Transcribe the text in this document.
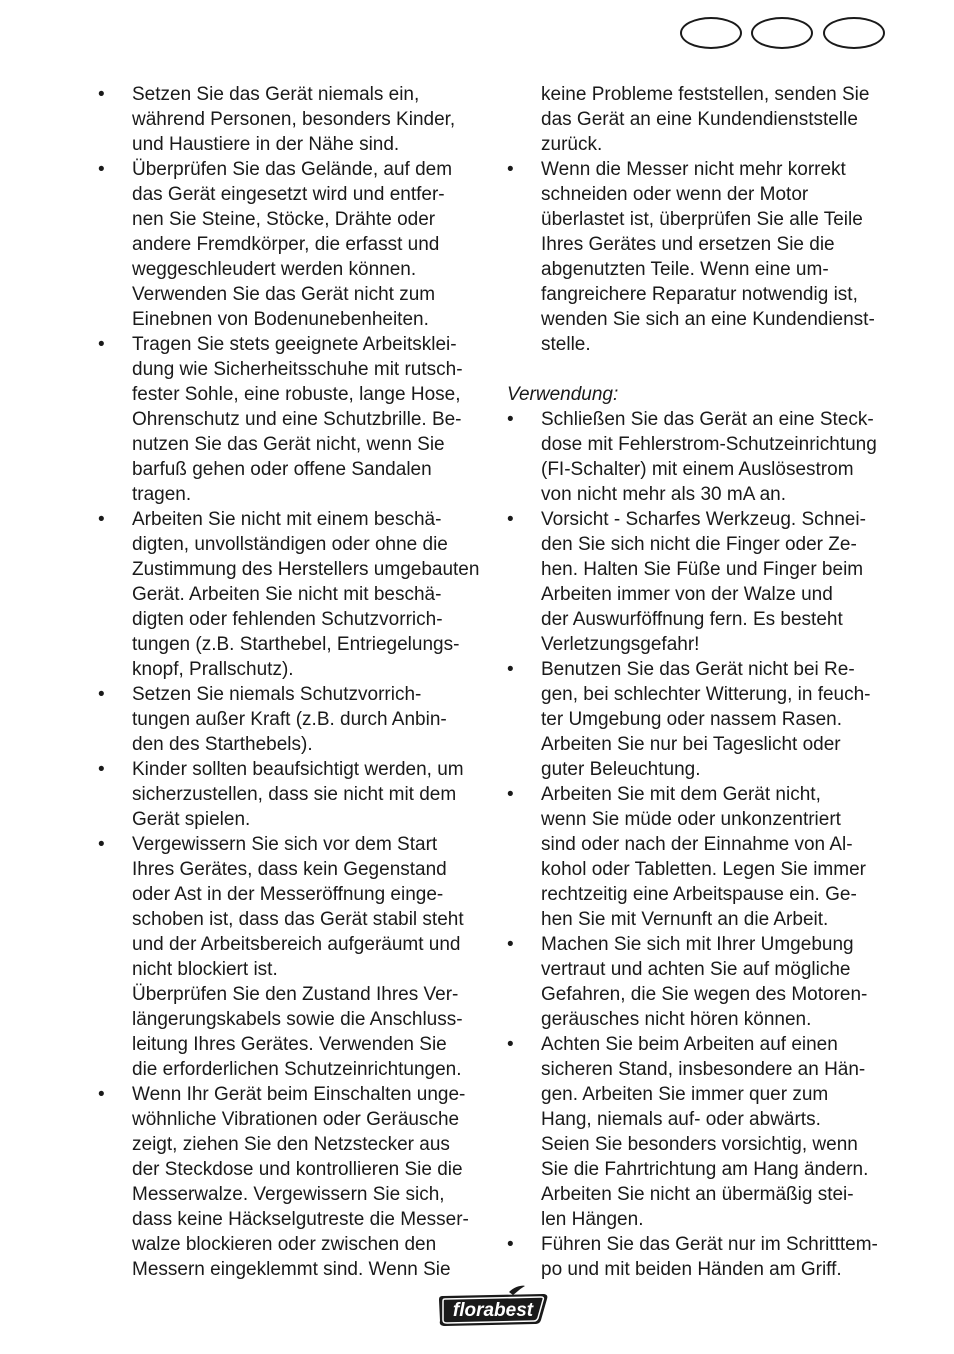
•	Setzen Sie das Gerät niemals ein,
während Personen, besonders Kinder,
und Haustiere in der Nähe sind.
•	Überprüfen Sie das Gelände, auf dem
das Gerät eingesetzt wird und entfer-
nen Sie Steine, Stöcke, Drähte oder
andere Fremdkörper, die erfasst und
weggeschleudert werden können.
Verwenden Sie das Gerät nicht zum
Einebnen von Bodenunebenheiten.
•	Tragen Sie stets geeignete Arbeitsklei-
dung wie Sicherheitsschuhe mit rutsch-
fester Sohle, eine robuste, lange Hose,
Ohrenschutz und eine Schutzbrille. Be-
nutzen Sie das Gerät nicht, wenn Sie
barfuß gehen oder offene Sandalen
tragen.
•	Arbeiten Sie nicht mit einem beschä-
digten, unvollständigen oder ohne die
Zustimmung des Herstellers umgebauten
Gerät. Arbeiten Sie nicht mit beschä-
digten oder fehlenden Schutzvorrich-
tungen (z.B. Starthebel, Entriegelungs-
knopf, Prallschutz).
•	Setzen Sie niemals Schutzvorrich-
tungen außer Kraft (z.B. durch Anbin-
den des Starthebels).
•	Kinder sollten beaufsichtigt werden, um
sicherzustellen, dass sie nicht mit dem
Gerät spielen.
•	Vergewissern Sie sich vor dem Start
Ihres Gerätes, dass kein Gegenstand
oder Ast in der Messeröffnung einge-
schoben ist, dass das Gerät stabil steht
und der Arbeitsbereich aufgeräumt und
nicht blockiert ist.
Überprüfen Sie den Zustand Ihres Ver-
längerungskabels sowie die Anschluss-
leitung Ihres Gerätes. Verwenden Sie
die erforderlichen Schutzeinrichtungen.
•	Wenn Ihr Gerät beim Einschalten unge-
wöhnliche Vibrationen oder Geräusche
zeigt, ziehen Sie den Netzstecker aus
der Steckdose und kontrollieren Sie die
Messerwalze. Vergewissern Sie sich,
dass keine Häckselgutreste die Messer-
walze blockieren oder zwischen den
Messern eingeklemmt sind. Wenn Sie
keine Probleme feststellen, senden Sie
das Gerät an eine Kundendienststelle
zurück.
•	Wenn die Messer nicht mehr korrekt
schneiden oder wenn der Motor
überlastet ist, überprüfen Sie alle Teile
Ihres Gerätes und ersetzen Sie die
abgenutzten Teile. Wenn eine um-
fangreichere Reparatur notwendig ist,
wenden Sie sich an eine Kundendienst-
stelle.
Verwendung:
•	Schließen Sie das Gerät an eine Steck-
dose mit Fehlerstrom-Schutzeinrichtung
(FI-Schalter) mit einem Auslösestrom
von nicht mehr als 30 mA an.
•	Vorsicht - Scharfes Werkzeug. Schnei-
den Sie sich nicht die Finger oder Ze-
hen. Halten Sie Füße und Finger beim
Arbeiten immer von der Walze und
der Auswurföffnung fern. Es besteht
Verletzungsgefahr!
•	Benutzen Sie das Gerät nicht bei Re-
gen, bei schlechter Witterung, in feuch-
ter Umgebung oder nassem Rasen.
Arbeiten Sie nur bei Tageslicht oder
guter Beleuchtung.
•	Arbeiten Sie mit dem Gerät nicht,
wenn Sie müde oder unkonzentriert
sind oder nach der Einnahme von Al-
kohol oder Tabletten. Legen Sie immer
rechtzeitig eine Arbeitspause ein. Ge-
hen Sie mit Vernunft an die Arbeit.
•	Machen Sie sich mit Ihrer Umgebung
vertraut und achten Sie auf mögliche
Gefahren, die Sie wegen des Motoren-
geräusches nicht hören können.
•	Achten Sie beim Arbeiten auf einen
sicheren Stand, insbesondere an Hän-
gen. Arbeiten Sie immer quer zum
Hang, niemals auf- oder abwärts.
Seien Sie besonders vorsichtig, wenn
Sie die Fahrtrichtung am Hang ändern.
Arbeiten Sie nicht an übermäßig stei-
len Hängen.
•	Führen Sie das Gerät nur im Schritttem-
po und mit beiden Händen am Griff.
florabest
